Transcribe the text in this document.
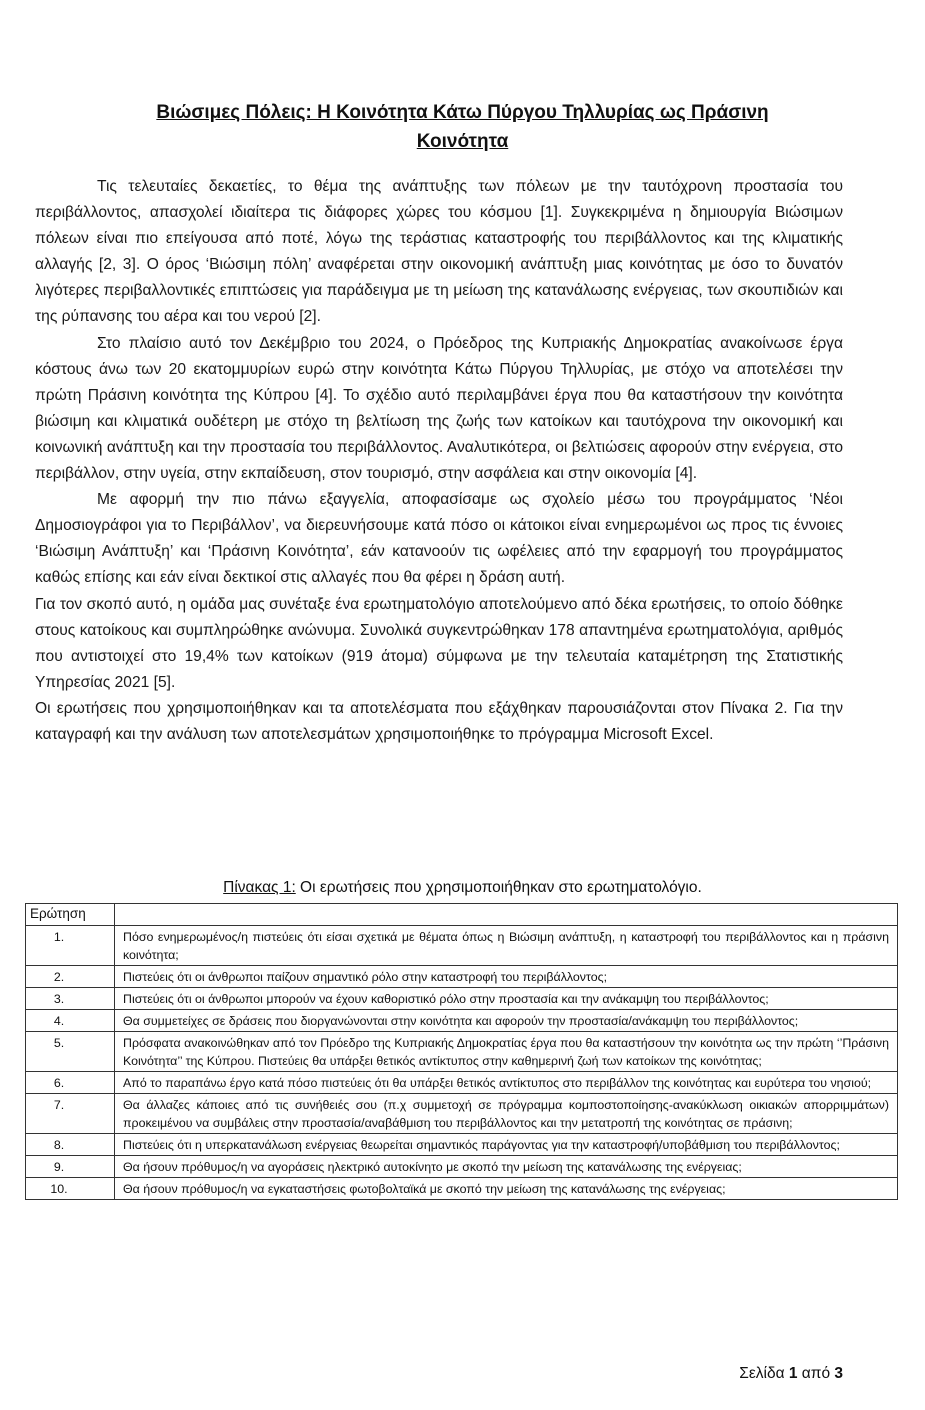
Βιώσιμες Πόλεις: Η Κοινότητα Κάτω Πύργου Τηλλυρίας ως Πράσινη
Κοινότητα

Τις τελευταίες δεκαετίες, το θέμα της ανάπτυξης των πόλεων με την ταυτόχρονη προστασία του περιβάλλοντος, απασχολεί ιδιαίτερα τις διάφορες χώρες του κόσμου [1]. Συγκεκριμένα η δημιουργία Βιώσιμων πόλεων είναι πιο επείγουσα από ποτέ, λόγω της τεράστιας καταστροφής του περιβάλλοντος και της κλιματικής αλλαγής [2, 3]. Ο όρος ‘Βιώσιμη πόλη’ αναφέρεται στην οικονομική ανάπτυξη μιας κοινότητας με όσο το δυνατόν λιγότερες περιβαλλοντικές επιπτώσεις για παράδειγμα με τη μείωση της κατανάλωσης ενέργειας, των σκουπιδιών και της ρύπανσης του αέρα και του νερού [2].

Στο πλαίσιο αυτό τον Δεκέμβριο του 2024, ο Πρόεδρος της Κυπριακής Δημοκρατίας ανακοίνωσε έργα κόστους άνω των 20 εκατομμυρίων ευρώ στην κοινότητα Κάτω Πύργου Τηλλυρίας, με στόχο να αποτελέσει την πρώτη Πράσινη κοινότητα της Κύπρου [4]. Το σχέδιο αυτό περιλαμβάνει έργα που θα καταστήσουν την κοινότητα βιώσιμη και κλιματικά ουδέτερη με στόχο τη βελτίωση της ζωής των κατοίκων και ταυτόχρονα την οικονομική και κοινωνική ανάπτυξη και την προστασία του περιβάλλοντος. Αναλυτικότερα, οι βελτιώσεις αφορούν στην ενέργεια, στο περιβάλλον, στην υγεία, στην εκπαίδευση, στον τουρισμό, στην ασφάλεια και στην οικονομία [4].

Με αφορμή την πιο πάνω εξαγγελία, αποφασίσαμε ως σχολείο μέσω του προγράμματος ‘Νέοι Δημοσιογράφοι για το Περιβάλλον’, να διερευνήσουμε κατά πόσο οι κάτοικοι είναι ενημερωμένοι ως προς τις έννοιες ‘Βιώσιμη Ανάπτυξη’ και ‘Πράσινη Κοινότητα’, εάν κατανοούν τις ωφέλειες από την εφαρμογή του προγράμματος καθώς επίσης και εάν είναι δεκτικοί στις αλλαγές που θα φέρει η δράση αυτή.

Για τον σκοπό αυτό, η ομάδα μας συνέταξε ένα ερωτηματολόγιο αποτελούμενο από δέκα ερωτήσεις, το οποίο δόθηκε στους κατοίκους και συμπληρώθηκε ανώνυμα. Συνολικά συγκεντρώθηκαν 178 απαντημένα ερωτηματολόγια, αριθμός που αντιστοιχεί στο 19,4% των κατοίκων (919 άτομα) σύμφωνα με την τελευταία καταμέτρηση της Στατιστικής Υπηρεσίας 2021 [5].

Οι ερωτήσεις που χρησιμοποιήθηκαν και τα αποτελέσματα που εξάχθηκαν παρουσιάζονται στον Πίνακα 2. Για την καταγραφή και την ανάλυση των αποτελεσμάτων χρησιμοποιήθηκε το πρόγραμμα Microsoft Excel.

Πίνακας 1: Οι ερωτήσεις που χρησιμοποιήθηκαν στο ερωτηματολόγιο.
Ερώτηση	
1.	Πόσο ενημερωμένος/η πιστεύεις ότι είσαι σχετικά με θέματα όπως η Βιώσιμη ανάπτυξη, η καταστροφή του περιβάλλοντος και η πράσινη κοινότητα;
2.	Πιστεύεις ότι οι άνθρωποι παίζουν σημαντικό ρόλο στην καταστροφή του περιβάλλοντος;
3.	Πιστεύεις ότι οι άνθρωποι μπορούν να έχουν καθοριστικό ρόλο στην προστασία και την ανάκαμψη του περιβάλλοντος;
4.	Θα συμμετείχες σε δράσεις που διοργανώνονται στην κοινότητα και αφορούν την προστασία/ανάκαμψη του περιβάλλοντος;
5.	Πρόσφατα ανακοινώθηκαν από τον Πρόεδρο της Κυπριακής Δημοκρατίας έργα που θα καταστήσουν την κοινότητα ως την πρώτη ‘’Πράσινη Κοινότητα’’ της Κύπρου. Πιστεύεις θα υπάρξει θετικός αντίκτυπος στην καθημερινή ζωή των κατοίκων της κοινότητας;
6.	Από το παραπάνω έργο κατά πόσο πιστεύεις ότι θα υπάρξει θετικός αντίκτυπος στο περιβάλλον της κοινότητας και ευρύτερα του νησιού;
7.	Θα άλλαζες κάποιες από τις συνήθειές σου (π.χ συμμετοχή σε πρόγραμμα κομποστοποίησης-ανακύκλωση οικιακών απορριμμάτων) προκειμένου να συμβάλεις στην προστασία/αναβάθμιση του περιβάλλοντος και την μετατροπή της κοινότητας σε πράσινη;
8.	Πιστεύεις ότι η υπερκατανάλωση ενέργειας θεωρείται σημαντικός παράγοντας για την καταστροφή/υποβάθμιση του περιβάλλοντος;
9.	Θα ήσουν πρόθυμος/η να αγοράσεις ηλεκτρικό αυτοκίνητο με σκοπό την μείωση της κατανάλωσης της ενέργειας;
10.	Θα ήσουν πρόθυμος/η να εγκαταστήσεις φωτοβολταϊκά με σκοπό την μείωση της κατανάλωσης της ενέργειας;
Σελίδα 1 από 3
